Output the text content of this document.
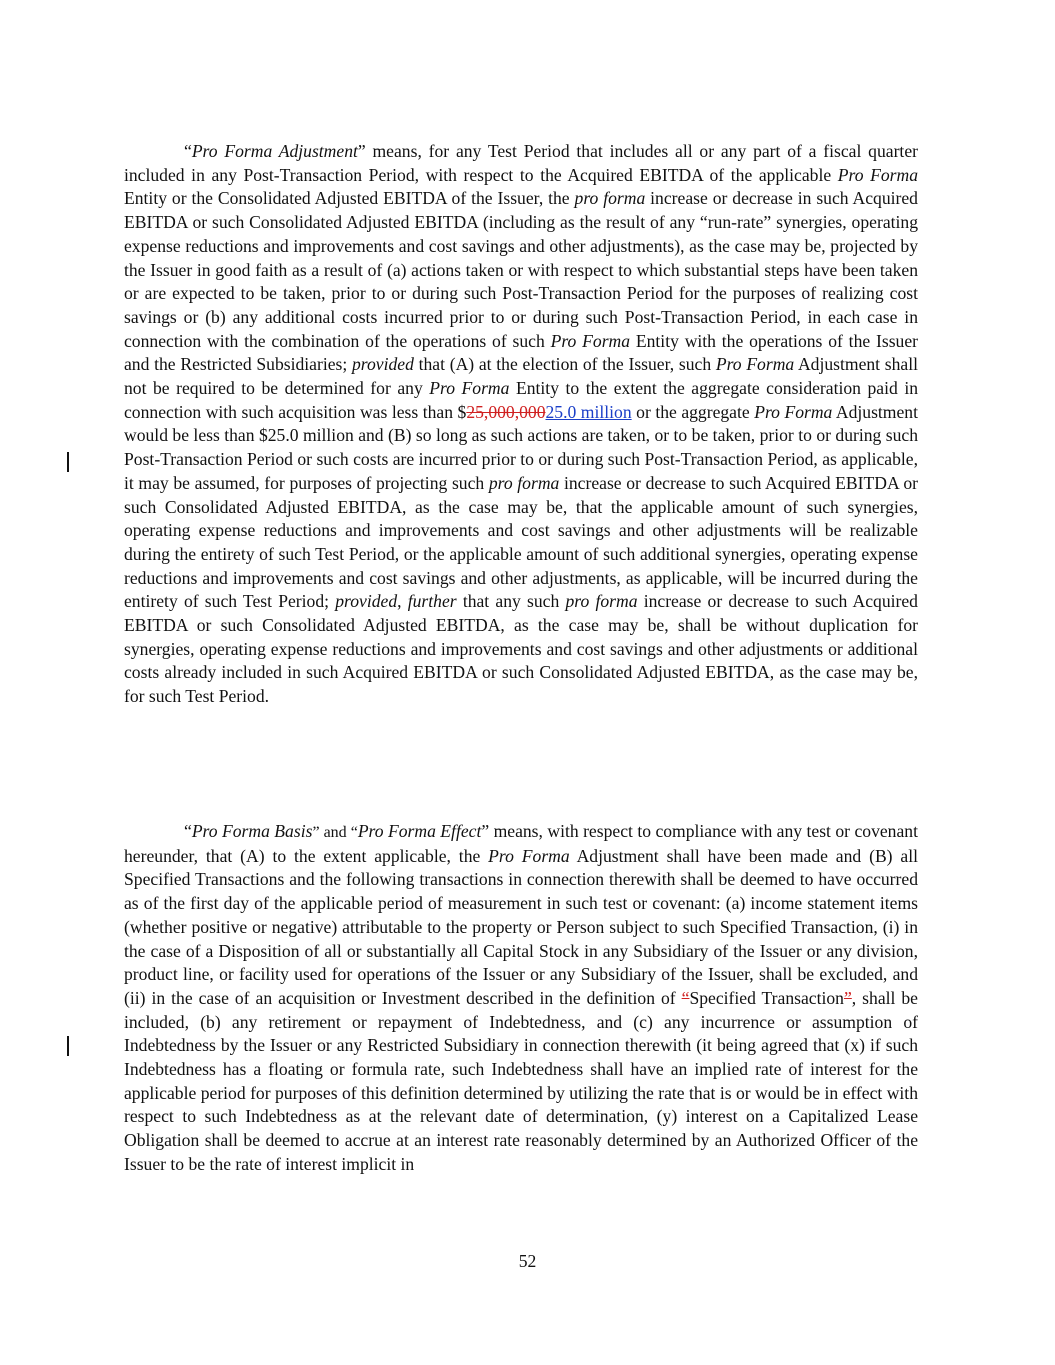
“Pro Forma Adjustment” means, for any Test Period that includes all or any part of a fiscal quarter included in any Post-Transaction Period, with respect to the Acquired EBITDA of the applicable Pro Forma Entity or the Consolidated Adjusted EBITDA of the Issuer, the pro forma increase or decrease in such Acquired EBITDA or such Consolidated Adjusted EBITDA (including as the result of any “run-rate” synergies, operating expense reductions and improvements and cost savings and other adjustments), as the case may be, projected by the Issuer in good faith as a result of (a) actions taken or with respect to which substantial steps have been taken or are expected to be taken, prior to or during such Post-Transaction Period for the purposes of realizing cost savings or (b) any additional costs incurred prior to or during such Post-Transaction Period, in each case in connection with the combination of the operations of such Pro Forma Entity with the operations of the Issuer and the Restricted Subsidiaries; provided that (A) at the election of the Issuer, such Pro Forma Adjustment shall not be required to be determined for any Pro Forma Entity to the extent the aggregate consideration paid in connection with such acquisition was less than $25,000,00025.0 million or the aggregate Pro Forma Adjustment would be less than $25.0 million and (B) so long as such actions are taken, or to be taken, prior to or during such Post-Transaction Period or such costs are incurred prior to or during such Post-Transaction Period, as applicable, it may be assumed, for purposes of projecting such pro forma increase or decrease to such Acquired EBITDA or such Consolidated Adjusted EBITDA, as the case may be, that the applicable amount of such synergies, operating expense reductions and improvements and cost savings and other adjustments will be realizable during the entirety of such Test Period, or the applicable amount of such additional synergies, operating expense reductions and improvements and cost savings and other adjustments, as applicable, will be incurred during the entirety of such Test Period; provided, further that any such pro forma increase or decrease to such Acquired EBITDA or such Consolidated Adjusted EBITDA, as the case may be, shall be without duplication for synergies, operating expense reductions and improvements and cost savings and other adjustments or additional costs already included in such Acquired EBITDA or such Consolidated Adjusted EBITDA, as the case may be, for such Test Period.

“Pro Forma Basis” and “Pro Forma Effect” means, with respect to compliance with any test or covenant hereunder, that (A) to the extent applicable, the Pro Forma Adjustment shall have been made and (B) all Specified Transactions and the following transactions in connection therewith shall be deemed to have occurred as of the first day of the applicable period of measurement in such test or covenant: (a) income statement items (whether positive or negative) attributable to the property or Person subject to such Specified Transaction, (i) in the case of a Disposition of all or substantially all Capital Stock in any Subsidiary of the Issuer or any division, product line, or facility used for operations of the Issuer or any Subsidiary of the Issuer, shall be excluded, and (ii) in the case of an acquisition or Investment described in the definition of “Specified Transaction”, shall be included, (b) any retirement or repayment of Indebtedness, and (c) any incurrence or assumption of Indebtedness by the Issuer or any Restricted Subsidiary in connection therewith (it being agreed that (x) if such Indebtedness has a floating or formula rate, such Indebtedness shall have an implied rate of interest for the applicable period for purposes of this definition determined by utilizing the rate that is or would be in effect with respect to such Indebtedness as at the relevant date of determination, (y) interest on a Capitalized Lease Obligation shall be deemed to accrue at an interest rate reasonably determined by an Authorized Officer of the Issuer to be the rate of interest implicit in

52
